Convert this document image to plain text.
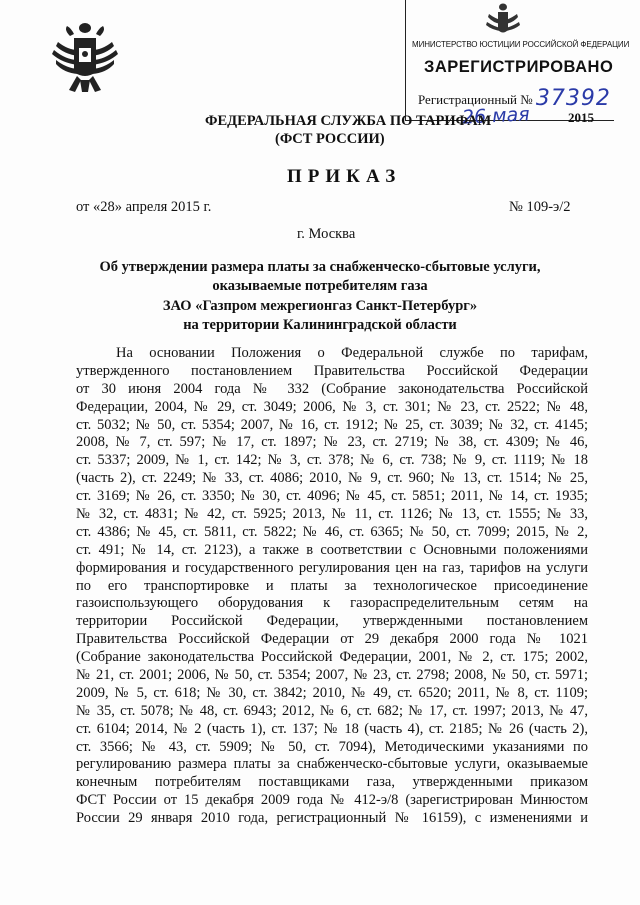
МИНИСТЕРСТВО ЮСТИЦИИ РОССИЙСКОЙ ФЕДЕРАЦИИ
ЗАРЕГИСТРИРОВАНО
Регистрационный № 37392
26 мая	2015
ФЕДЕРАЛЬНАЯ СЛУЖБА ПО ТАРИФАМ
(ФСТ РОССИИ)
ПРИКАЗ
от «28» апреля 2015 г.	№ 109-э/2
г. Москва
Об утверждении размера платы за снабженческо-сбытовые услуги,
оказываемые потребителям газа
ЗАО «Газпром межрегионгаз Санкт-Петербург»
на территории Калининградской области
На основании Положения о Федеральной службе по тарифам,
утвержденного постановлением Правительства Российской Федерации
от 30 июня 2004 года № 332 (Собрание законодательства Российской
Федерации, 2004, № 29, ст. 3049; 2006, № 3, ст. 301; № 23, ст. 2522; № 48,
ст. 5032; № 50, ст. 5354; 2007, № 16, ст. 1912; № 25, ст. 3039; № 32, ст. 4145;
2008, № 7, ст. 597; № 17, ст. 1897; № 23, ст. 2719; № 38, ст. 4309; № 46,
ст. 5337; 2009, № 1, ст. 142; № 3, ст. 378; № 6, ст. 738; № 9, ст. 1119; № 18
(часть 2), ст. 2249; № 33, ст. 4086; 2010, № 9, ст. 960; № 13, ст. 1514; № 25,
ст. 3169; № 26, ст. 3350; № 30, ст. 4096; № 45, ст. 5851; 2011, № 14, ст. 1935;
№ 32, ст. 4831; № 42, ст. 5925; 2013, № 11, ст. 1126; № 13, ст. 1555; № 33,
ст. 4386; № 45, ст. 5811, ст. 5822; № 46, ст. 6365; № 50, ст. 7099; 2015, № 2,
ст. 491; № 14, ст. 2123), а также в соответствии с Основными положениями
формирования и государственного регулирования цен на газ, тарифов на услуги
по его транспортировке и платы за технологическое присоединение
газоиспользующего оборудования к газораспределительным сетям на
территории Российской Федерации, утвержденными постановлением
Правительства Российской Федерации от 29 декабря 2000 года № 1021
(Собрание законодательства Российской Федерации, 2001, № 2, ст. 175; 2002,
№ 21, ст. 2001; 2006, № 50, ст. 5354; 2007, № 23, ст. 2798; 2008, № 50, ст. 5971;
2009, № 5, ст. 618; № 30, ст. 3842; 2010, № 49, ст. 6520; 2011, № 8, ст. 1109;
№ 35, ст. 5078; № 48, ст. 6943; 2012, № 6, ст. 682; № 17, ст. 1997; 2013, № 47,
ст. 6104; 2014, № 2 (часть 1), ст. 137; № 18 (часть 4), ст. 2185; № 26 (часть 2),
ст. 3566; № 43, ст. 5909; № 50, ст. 7094), Методическими указаниями по
регулированию размера платы за снабженческо-сбытовые услуги, оказываемые
конечным потребителям поставщиками газа, утвержденными приказом
ФСТ России от 15 декабря 2009 года № 412-э/8 (зарегистрирован Минюстом
России 29 января 2010 года, регистрационный № 16159), с изменениями и
